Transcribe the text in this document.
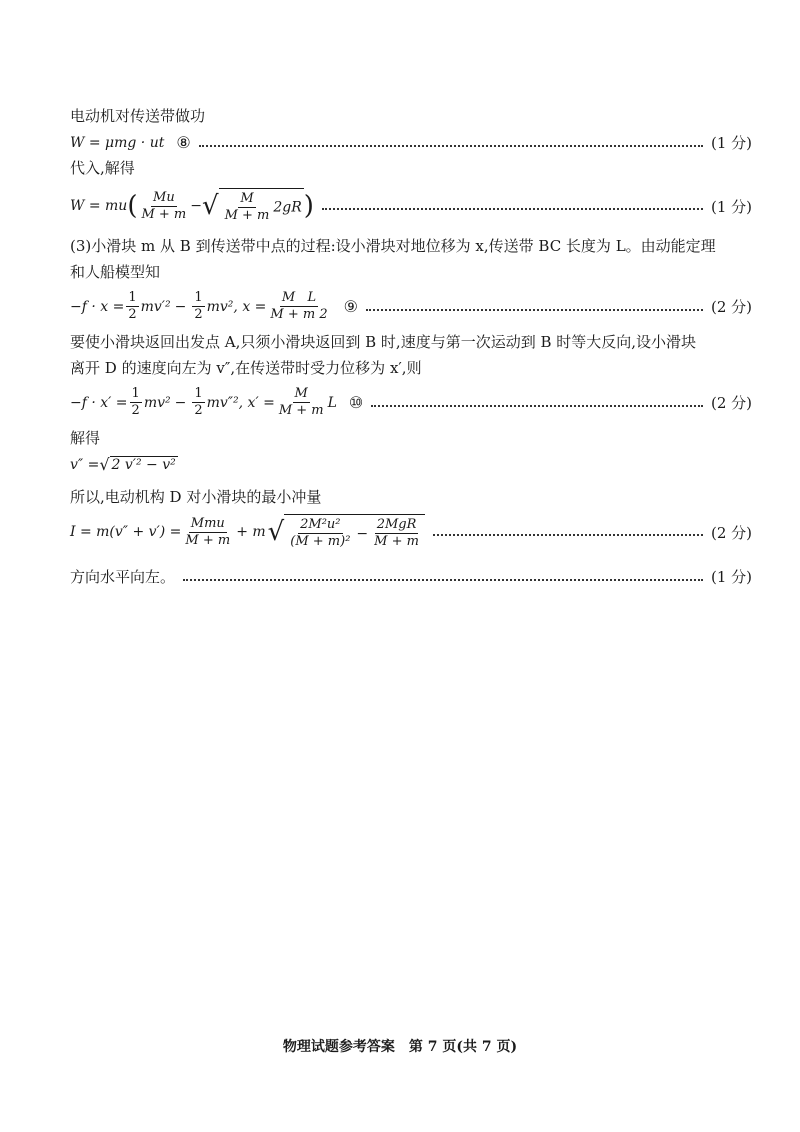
电动机对传送带做功
W = μmg · ut ⑧	(1 分)
代入,解得
W = mu ( $\frac{Mu}{M + m}$ − √ $\frac{M}{M + m} 2gR$ )	(1 分)
(3)小滑块 m 从 B 到传送带中点的过程:设小滑块对地位移为 x,传送带 BC 长度为 L。由动能定理
和人船模型知
$-f \cdot x = \frac{1}{2} mv'^2 - \frac{1}{2} mv^2$, $x = \frac{\text{M   L}}{M + m 2}$ ⑨	(2 分)
要使小滑块返回出发点 A,只须小滑块返回到 B 时,速度与第一次运动到 B 时等大反向,设小滑块
离开 D 的速度向左为 v″,在传送带时受力位移为 x′,则
$-f \cdot x' = \frac{1}{2} mv^2 - \frac{1}{2} mv''^2$, $x' = \frac{M}{M + m}$ L ⑩	(2 分)
解得
v″ = √ 2 v′² − v²
所以,电动机构 D 对小滑块的最小冲量
$I = m(v'' + v') = \frac{\text{Mmu}}{M + m} + m$ √ $\frac{\text{2M²u²}}{\text{(M + m)²}} - \frac{\text{2MgR}}{M + m}$	(2 分)
方向水平向左。	(1 分)
物理试题参考答案　第 7 页(共 7 页)
